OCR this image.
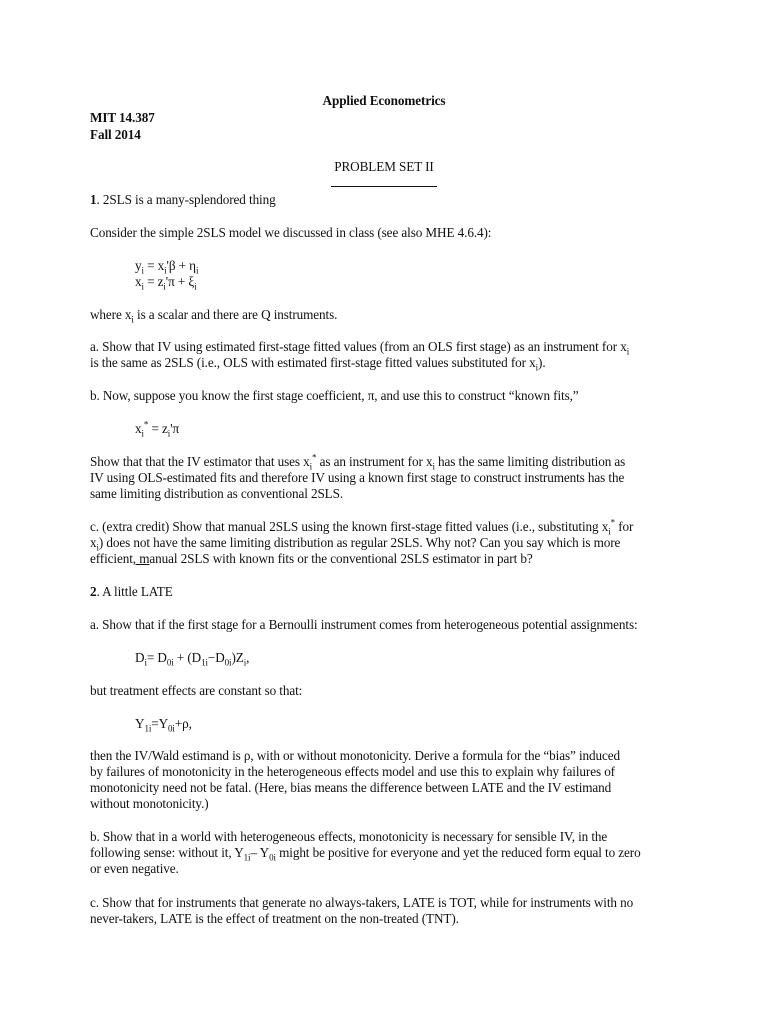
Applied Econometrics

MIT 14.387

Fall 2014

PROBLEM SET II

1. 2SLS is a many-splendored thing

Consider the simple 2SLS model we discussed in class (see also MHE 4.6.4):

$y_i = x_i'\beta + \eta_i$

$x_i = z_i'\pi + \xi_i$

where $x_i$ is a scalar and there are Q instruments.

a. Show that IV using estimated first-stage fitted values (from an OLS first stage) as an instrument for $x_i$

is the same as 2SLS (i.e., OLS with estimated first-stage fitted values substituted for $x_i$).

b. Now, suppose you know the first stage coefficient, π, and use this to construct “known fits,”

$x_i^* = z_i'\pi$

Show that that the IV estimator that uses $x_i^*$ as an instrument for $x_i$ has the same limiting distribution as

IV using OLS-estimated fits and therefore IV using a known first stage to construct instruments has the

same limiting distribution as conventional 2SLS.

c. (extra credit) Show that manual 2SLS using the known first-stage fitted values (i.e., substituting $x_i^*$ for

$x_i$) does not have the same limiting distribution as regular 2SLS. Why not? Can you say which is more

efficient, manual 2SLS with known fits or the conventional 2SLS estimator in part b?

2. A little LATE

a. Show that if the first stage for a Bernoulli instrument comes from heterogeneous potential assignments:

$D_i= D_{0i} + (D_{1i}-D_{0i})Z_i$,

but treatment effects are constant so that:

$Y_{1i}=Y_{0i}+\rho$,

then the IV/Wald estimand is ρ, with or without monotonicity. Derive a formula for the “bias” induced

by failures of monotonicity in the heterogeneous effects model and use this to explain why failures of

monotonicity need not be fatal. (Here, bias means the difference between LATE and the IV estimand

without monotonicity.)

b. Show that in a world with heterogeneous effects, monotonicity is necessary for sensible IV, in the

following sense: without it, $Y_{1i}-$ $Y_{0i}$ might be positive for everyone and yet the reduced form equal to zero

or even negative.

c. Show that for instruments that generate no always-takers, LATE is TOT, while for instruments with no

never-takers, LATE is the effect of treatment on the non-treated (TNT).
